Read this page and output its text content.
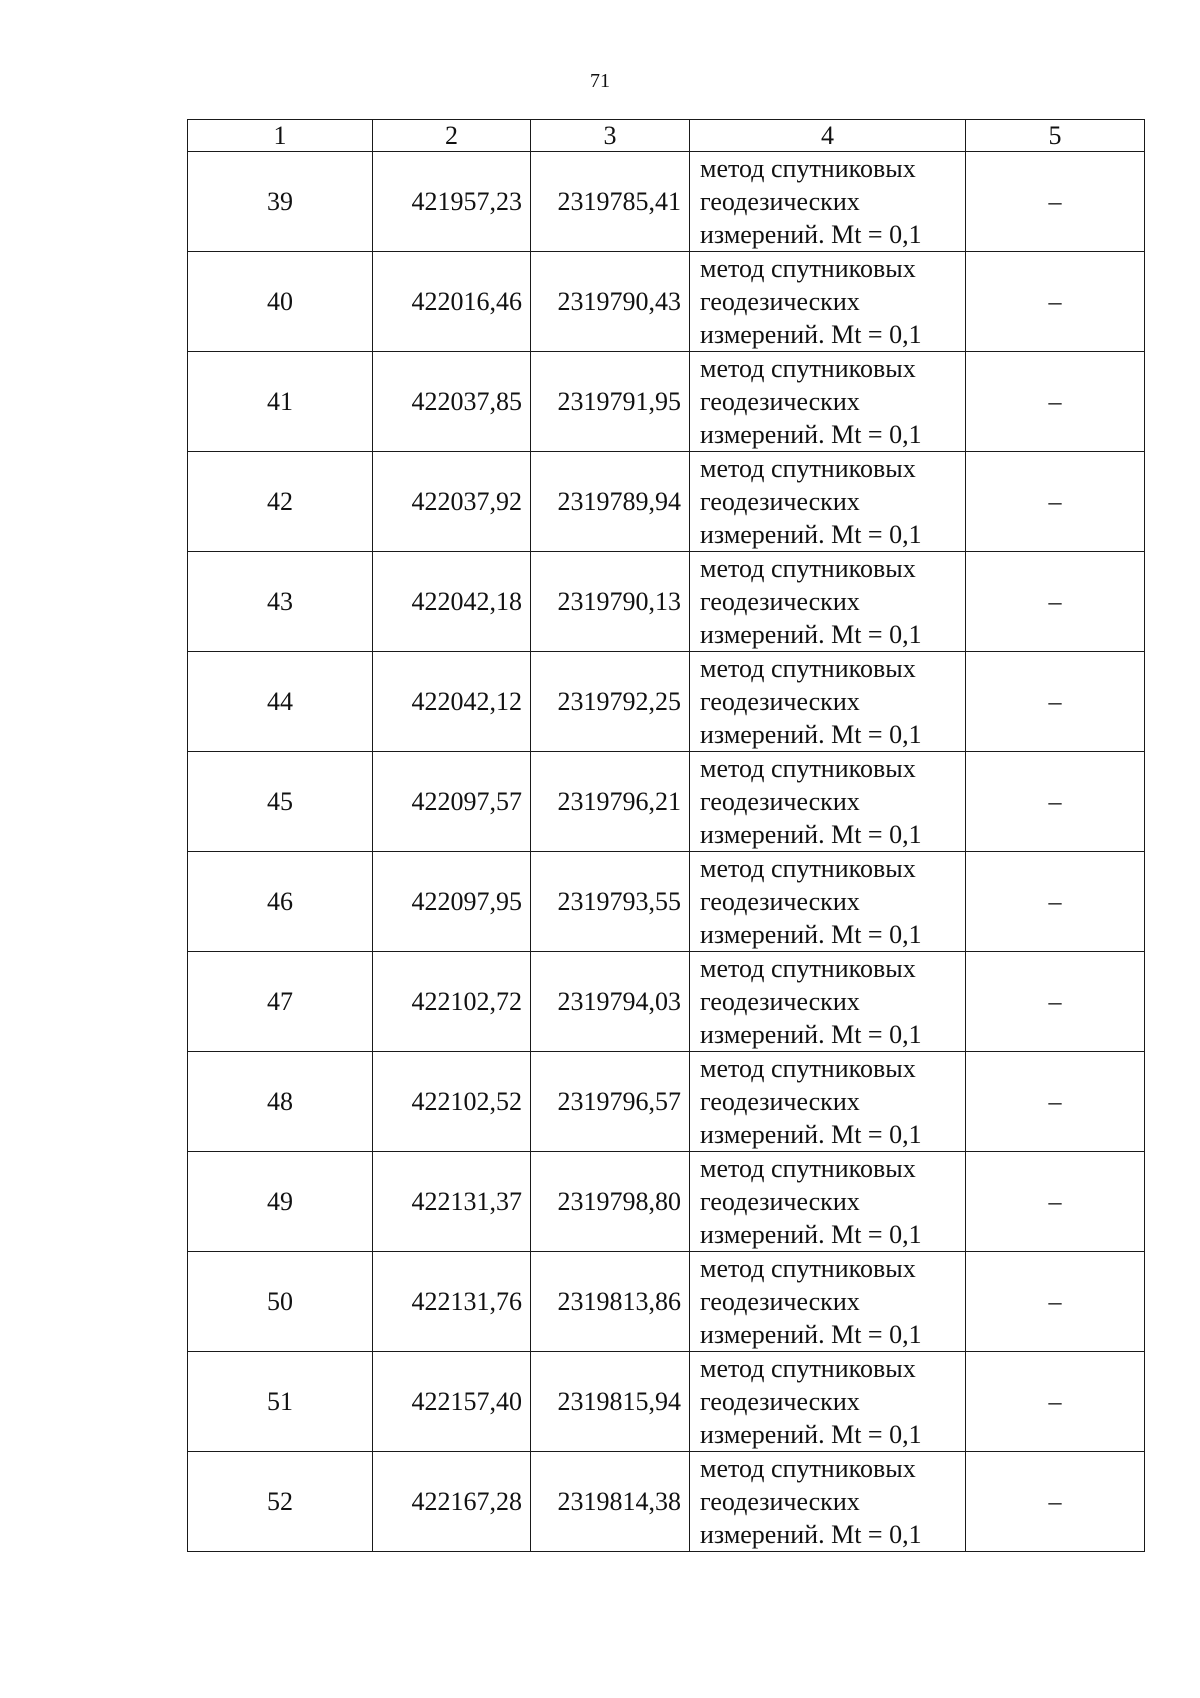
71
1	2	3	4	5
39	421957,23	2319785,41	метод спутниковых
геодезических
измерений. Mt = 0,1	–
40	422016,46	2319790,43	метод спутниковых
геодезических
измерений. Mt = 0,1	–
41	422037,85	2319791,95	метод спутниковых
геодезических
измерений. Mt = 0,1	–
42	422037,92	2319789,94	метод спутниковых
геодезических
измерений. Mt = 0,1	–
43	422042,18	2319790,13	метод спутниковых
геодезических
измерений. Mt = 0,1	–
44	422042,12	2319792,25	метод спутниковых
геодезических
измерений. Mt = 0,1	–
45	422097,57	2319796,21	метод спутниковых
геодезических
измерений. Mt = 0,1	–
46	422097,95	2319793,55	метод спутниковых
геодезических
измерений. Mt = 0,1	–
47	422102,72	2319794,03	метод спутниковых
геодезических
измерений. Mt = 0,1	–
48	422102,52	2319796,57	метод спутниковых
геодезических
измерений. Mt = 0,1	–
49	422131,37	2319798,80	метод спутниковых
геодезических
измерений. Mt = 0,1	–
50	422131,76	2319813,86	метод спутниковых
геодезических
измерений. Mt = 0,1	–
51	422157,40	2319815,94	метод спутниковых
геодезических
измерений. Mt = 0,1	–
52	422167,28	2319814,38	метод спутниковых
геодезических
измерений. Mt = 0,1	–
